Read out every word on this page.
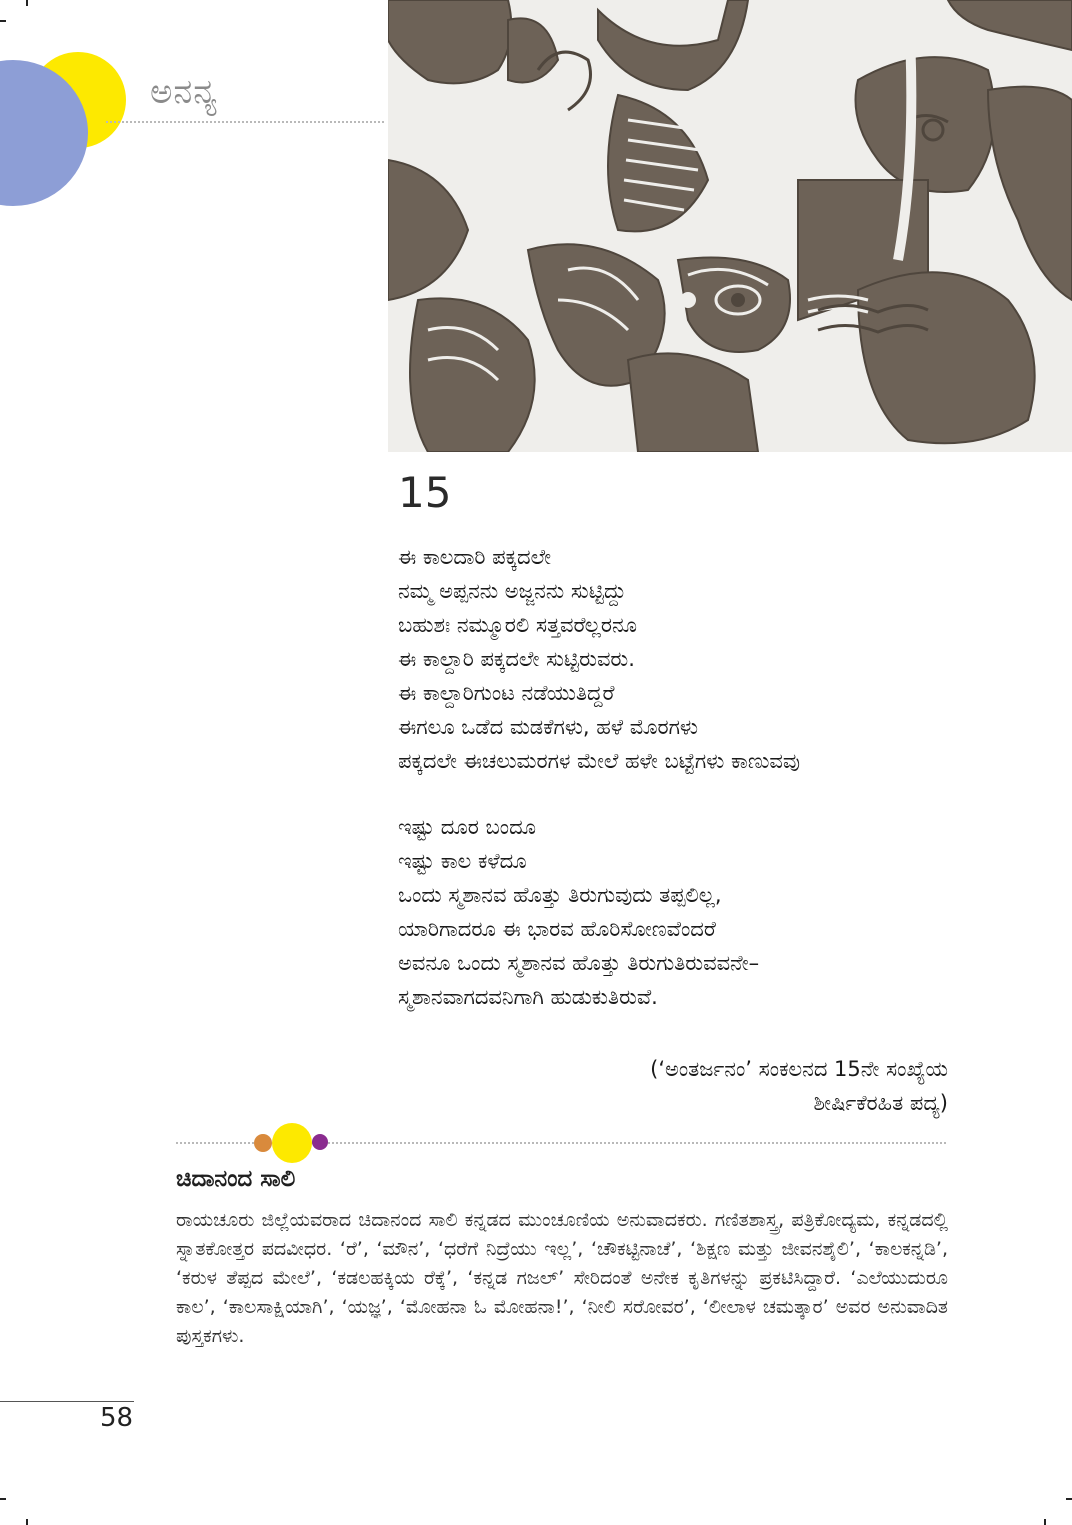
ಅನನ್ಯ
15
ಈ ಕಾಲದಾರಿ ಪಕ್ಕದಲೇ
ನಮ್ಮ ಅಪ್ಪನನು ಅಜ್ಜನನು ಸುಟ್ಟಿದ್ದು
ಬಹುಶಃ ನಮ್ಮೂರಲಿ ಸತ್ತವರೆಲ್ಲರನೂ
ಈ ಕಾಲ್ದಾರಿ ಪಕ್ಕದಲೇ ಸುಟ್ಟಿರುವರು.
ಈ ಕಾಲ್ದಾರಿಗುಂಟ ನಡೆಯುತಿದ್ದರೆ
ಈಗಲೂ ಒಡೆದ ಮಡಕೆಗಳು, ಹಳೆ ಮೊರಗಳು
ಪಕ್ಕದಲೇ ಈಚಲುಮರಗಳ ಮೇಲೆ ಹಳೇ ಬಟ್ಟೆಗಳು ಕಾಣುವವು
ಇಷ್ಟು ದೂರ ಬಂದೂ
ಇಷ್ಟು ಕಾಲ ಕಳೆದೂ
ಒಂದು ಸ್ಮಶಾನವ ಹೊತ್ತು ತಿರುಗುವುದು ತಪ್ಪಲಿಲ್ಲ,
ಯಾರಿಗಾದರೂ ಈ ಭಾರವ ಹೊರಿಸೋಣವೆಂದರೆ
ಅವನೂ ಒಂದು ಸ್ಮಶಾನವ ಹೊತ್ತು ತಿರುಗುತಿರುವವನೇ–
ಸ್ಮಶಾನವಾಗದವನಿಗಾಗಿ ಹುಡುಕುತಿರುವೆ.
(‘ಅಂತರ್ಜನಂ’ ಸಂಕಲನದ 15ನೇ ಸಂಖ್ಯೆಯ
ಶೀರ್ಷಿಕೆರಹಿತ ಪದ್ಯ)
ಚಿದಾನಂದ ಸಾಲಿ
ರಾಯಚೂರು ಜಿಲ್ಲೆಯವರಾದ ಚಿದಾನಂದ ಸಾಲಿ ಕನ್ನಡದ ಮುಂಚೂಣಿಯ ಅನುವಾದಕರು. ಗಣಿತಶಾಸ್ತ್ರ, ಪತ್ರಿಕೋದ್ಯಮ, ಕನ್ನಡದಲ್ಲಿ ಸ್ನಾತಕೋತ್ತರ ಪದವೀಧರ. ‘ರೆ’, ‘ಮೌನ’, ‘ಧರೆಗೆ ನಿದ್ರೆಯು ಇಲ್ಲ’, ‘ಚೌಕಟ್ಟಿನಾಚೆ’, ‘ಶಿಕ್ಷಣ ಮತ್ತು ಜೀವನಶೈಲಿ’, ‘ಕಾಲಕನ್ನಡಿ’, ‘ಕರುಳ ತೆಪ್ಪದ ಮೇಲೆ’, ‘ಕಡಲಹಕ್ಕಿಯ ರೆಕ್ಕೆ’, ‘ಕನ್ನಡ ಗಜಲ್’ ಸೇರಿದಂತೆ ಅನೇಕ ಕೃತಿಗಳನ್ನು ಪ್ರಕಟಿಸಿದ್ದಾರೆ. ‘ಎಲೆಯುದುರೂ ಕಾಲ’, ‘ಕಾಲಸಾಕ್ಷಿಯಾಗಿ’, ‘ಯಜ್ಞ’, ‘ಮೋಹನಾ ಓ ಮೋಹನಾ!’, ‘ನೀಲಿ ಸರೋವರ’, ‘ಲೀಲಾಳ ಚಮತ್ಕಾರ’ ಅವರ ಅನುವಾದಿತ ಪುಸ್ತಕಗಳು.
58
